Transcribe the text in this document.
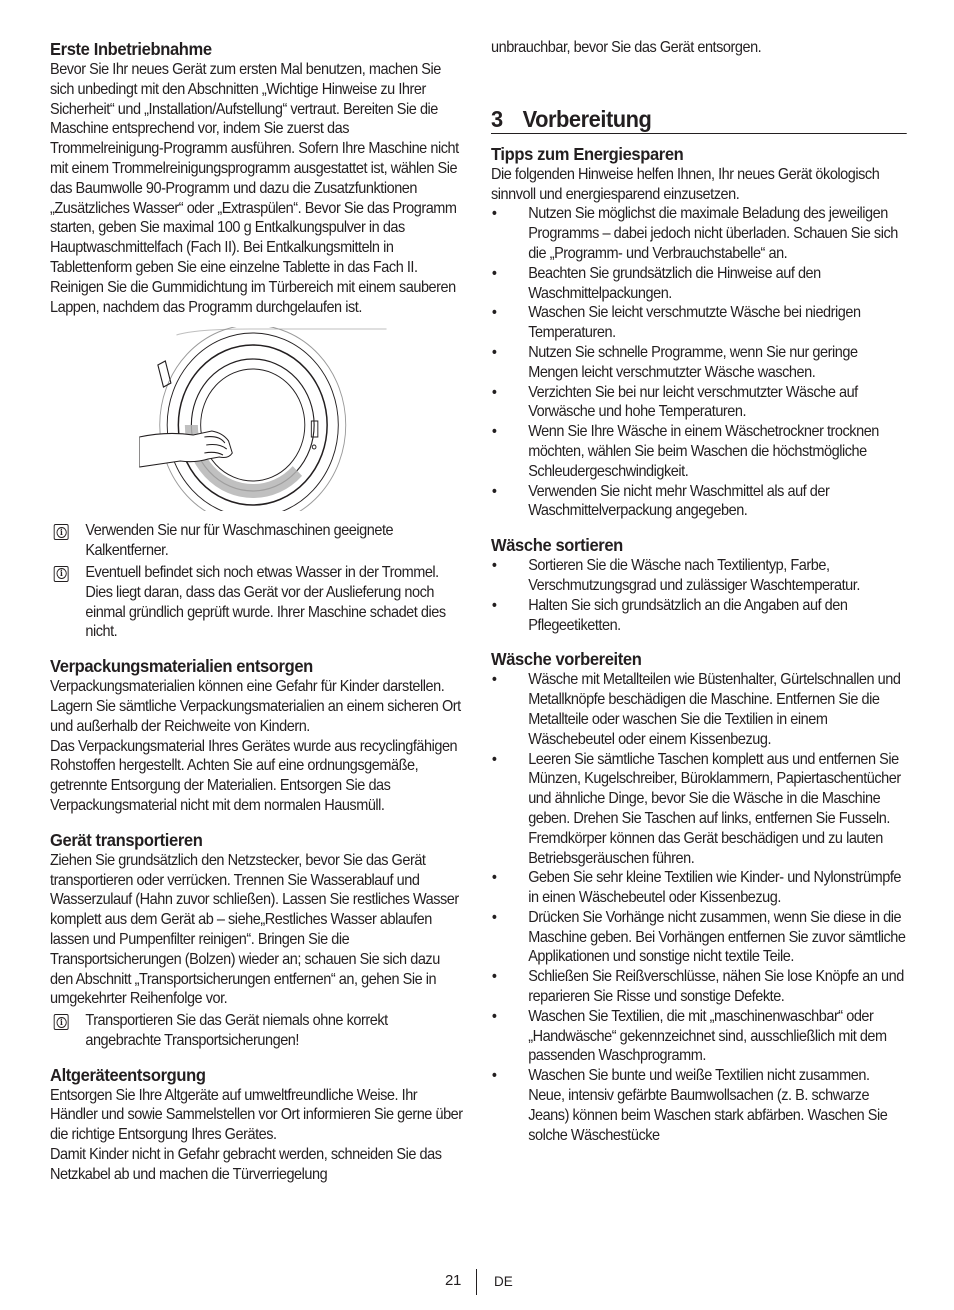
Erste Inbetriebnahme

Bevor Sie Ihr neues Gerät zum ersten Mal benutzen, machen Sie sich unbedingt mit den Abschnitten „Wichtige Hinweise zu Ihrer Sicherheit“ und „Installation/Aufstellung“ vertraut. Bereiten Sie die Maschine entsprechend vor, indem Sie zuerst das Trommelreinigung-Programm ausführen. Sofern Ihre Maschine nicht mit einem Trommelreinigungsprogramm ausgestattet ist, wählen Sie das Baumwolle 90-Programm und dazu die Zusatzfunktionen „Zusätzliches Wasser“ oder „Extraspülen“. Bevor Sie das Programm starten, geben Sie maximal 100 g Entkalkungspulver in das Hauptwaschmittelfach (Fach II). Bei Entkalkungsmitteln in Tablettenform geben Sie eine einzelne Tablette in das Fach II. Reinigen Sie die Gummidichtung im Türbereich mit einem sauberen Lappen, nachdem das Programm durchgelaufen ist.

i Verwenden Sie nur für Waschmaschinen geeignete Kalkentferner.

i Eventuell befindet sich noch etwas Wasser in der Trommel. Dies liegt daran, dass das Gerät vor der Auslieferung noch einmal gründlich geprüft wurde. Ihrer Maschine schadet dies nicht.

Verpackungsmaterialien entsorgen

Verpackungsmaterialien können eine Gefahr für Kinder darstellen. Lagern Sie sämtliche Verpackungsmaterialien an einem sicheren Ort und außerhalb der Reichweite von Kindern.

Das Verpackungsmaterial Ihres Gerätes wurde aus recyclingfähigen Rohstoffen hergestellt. Achten Sie auf eine ordnungsgemäße, getrennte Entsorgung der Materialien. Entsorgen Sie das Verpackungsmaterial nicht mit dem normalen Hausmüll.

Gerät transportieren

Ziehen Sie grundsätzlich den Netzstecker, bevor Sie das Gerät transportieren oder verrücken. Trennen Sie Wasserablauf und Wasserzulauf (Hahn zuvor schließen). Lassen Sie restliches Wasser komplett aus dem Gerät ab – siehe„Restliches Wasser ablaufen lassen und Pumpenfilter reinigen“. Bringen Sie die Transportsicherungen (Bolzen) wieder an; schauen Sie sich dazu den Abschnitt „Transportsicherungen entfernen“ an, gehen Sie in umgekehrter Reihenfolge vor.

i Transportieren Sie das Gerät niemals ohne korrekt angebrachte Transportsicherungen!

Altgeräteentsorgung

Entsorgen Sie Ihre Altgeräte auf umweltfreundliche Weise. Ihr Händler und sowie Sammelstellen vor Ort informieren Sie gerne über die richtige Entsorgung Ihres Gerätes.

Damit Kinder nicht in Gefahr gebracht werden, schneiden Sie das Netzkabel ab und machen die Türverriegelung

unbrauchbar, bevor Sie das Gerät entsorgen.

3 Vorbereitung
Tipps zum Energiesparen

Die folgenden Hinweise helfen Ihnen, Ihr neues Gerät ökologisch sinnvoll und energiesparend einzusetzen.

• Nutzen Sie möglichst die maximale Beladung des jeweiligen Programms – dabei jedoch nicht überladen. Schauen Sie sich die „Programm- und Verbrauchstabelle“ an.
• Beachten Sie grundsätzlich die Hinweise auf den Waschmittelpackungen.
• Waschen Sie leicht verschmutzte Wäsche bei niedrigen Temperaturen.
• Nutzen Sie schnelle Programme, wenn Sie nur geringe Mengen leicht verschmutzter Wäsche waschen.
• Verzichten Sie bei nur leicht verschmutzter Wäsche auf Vorwäsche und hohe Temperaturen.
• Wenn Sie Ihre Wäsche in einem Wäschetrockner trocknen möchten, wählen Sie beim Waschen die höchstmögliche Schleudergeschwindigkeit.
• Verwenden Sie nicht mehr Waschmittel als auf der Waschmittelverpackung angegeben.
Wäsche sortieren
• Sortieren Sie die Wäsche nach Textilientyp, Farbe, Verschmutzungsgrad und zulässiger Waschtemperatur.
• Halten Sie sich grundsätzlich an die Angaben auf den Pflegeetiketten.
Wäsche vorbereiten
• Wäsche mit Metallteilen wie Büstenhalter, Gürtelschnallen und Metallknöpfe beschädigen die Maschine. Entfernen Sie die Metallteile oder waschen Sie die Textilien in einem Wäschebeutel oder einem Kissenbezug.
• Leeren Sie sämtliche Taschen komplett aus und entfernen Sie Münzen, Kugelschreiber, Büroklammern, Papiertaschentücher und ähnliche Dinge, bevor Sie die Wäsche in die Maschine geben. Drehen Sie Taschen auf links, entfernen Sie Fusseln. Fremdkörper können das Gerät beschädigen und zu lauten Betriebsgeräuschen führen.
• Geben Sie sehr kleine Textilien wie Kinder- und Nylonstrümpfe in einen Wäschebeutel oder Kissenbezug.
• Drücken Sie Vorhänge nicht zusammen, wenn Sie diese in die Maschine geben. Bei Vorhängen entfernen Sie zuvor sämtliche Applikationen und sonstige nicht textile Teile.
• Schließen Sie Reißverschlüsse, nähen Sie lose Knöpfe an und reparieren Sie Risse und sonstige Defekte.
• Waschen Sie Textilien, die mit „maschinenwaschbar“ oder „Handwäsche“ gekennzeichnet sind, ausschließlich mit dem passenden Waschprogramm.
• Waschen Sie bunte und weiße Textilien nicht zusammen. Neue, intensiv gefärbte Baumwollsachen (z. B. schwarze Jeans) können beim Waschen stark abfärben. Waschen Sie solche Wäschestücke
21 DE
